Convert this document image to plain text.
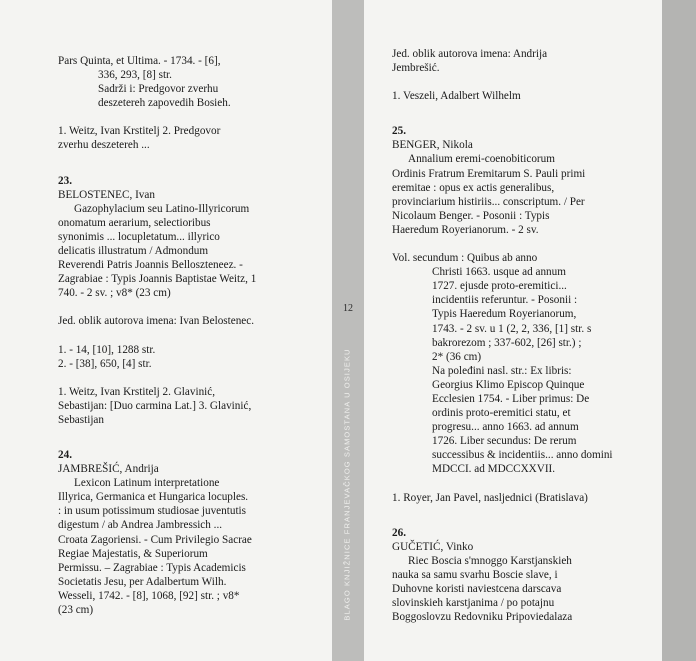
Pars Quinta, et Ultima. - 1734. - [6],

336, 293, [8] str.

Sadrži i: Predgovor zverhu

deszetereh zapovedih Bosieh.

1. Weitz, Ivan Krstitelj 2. Predgovor

zverhu deszetereh ...

23.

BELOSTENEC, Ivan

Gazophylacium seu Latino-Illyricorum

onomatum aerarium, selectioribus

synonimis ... locupletatum... illyrico

delicatis illustratum / Admondum

Reverendi Patris Joannis Belloszteneez. -

Zagrabiae : Typis Joannis Baptistae Weitz, 1

740. - 2 sv. ; v8* (23 cm)

Jed. oblik autorova imena: Ivan Belostenec.

1. - 14, [10], 1288 str.

2. - [38], 650, [4] str.

1. Weitz, Ivan Krstitelj 2. Glavinić,

Sebastijan: [Duo carmina Lat.] 3. Glavinić,

Sebastijan

24.

JAMBREŠIĆ, Andrija

Lexicon Latinum interpretatione

Illyrica, Germanica et Hungarica locuples.

: in usum potissimum studiosae juventutis

digestum / ab Andrea Jambressich ...

Croata Zagoriensi. - Cum Privilegio Sacrae

Regiae Majestatis, & Superiorum

Permissu. – Zagrabiae : Typis Academicis

Societatis Jesu, per Adalbertum Wilh.

Wesseli, 1742. - [8], 1068, [92] str. ; v8*

(23 cm)

12
BLAGO KNJIŽNICE FRANJEVAČKOG SAMOSTANA U OSIJEKU

Jed. oblik autorova imena: Andrija

Jembrešić.

1. Veszeli, Adalbert Wilhelm

25.

BENGER, Nikola

Annalium eremi-coenobiticorum

Ordinis Fratrum Eremitarum S. Pauli primi

eremitae : opus ex actis generalibus,

provinciarium histiriis... conscriptum. / Per

Nicolaum Benger. - Posonii : Typis

Haeredum Royerianorum. - 2 sv.

Vol. secundum : Quibus ab anno

Christi 1663. usque ad annum

1727. ejusde proto-eremitici...

incidentiis referuntur. - Posonii :

Typis Haeredum Royerianorum,

1743. - 2 sv. u 1 (2, 2, 336, [1] str. s

bakrorezom ; 337-602, [26] str.) ;

2* (36 cm)

Na poleđini nasl. str.: Ex libris:

Georgius Klimo Episcop Quinque

Ecclesien 1754. - Liber primus: De

ordinis proto-eremitici statu, et

progresu... anno 1663. ad annum

1726. Liber secundus: De rerum

successibus & incidentiis... anno domini

MDCCI. ad MDCCXXVII.

1. Royer, Jan Pavel, nasljednici (Bratislava)

26.

GUČETIĆ, Vinko

Riec Boscia s'mnoggo Karstjanskieh

nauka sa samu svarhu Boscie slave, i

Duhovne koristi naviestcena darscava

slovinskieh karstjanima / po potajnu

Boggoslovzu Redovniku Pripoviedalaza
